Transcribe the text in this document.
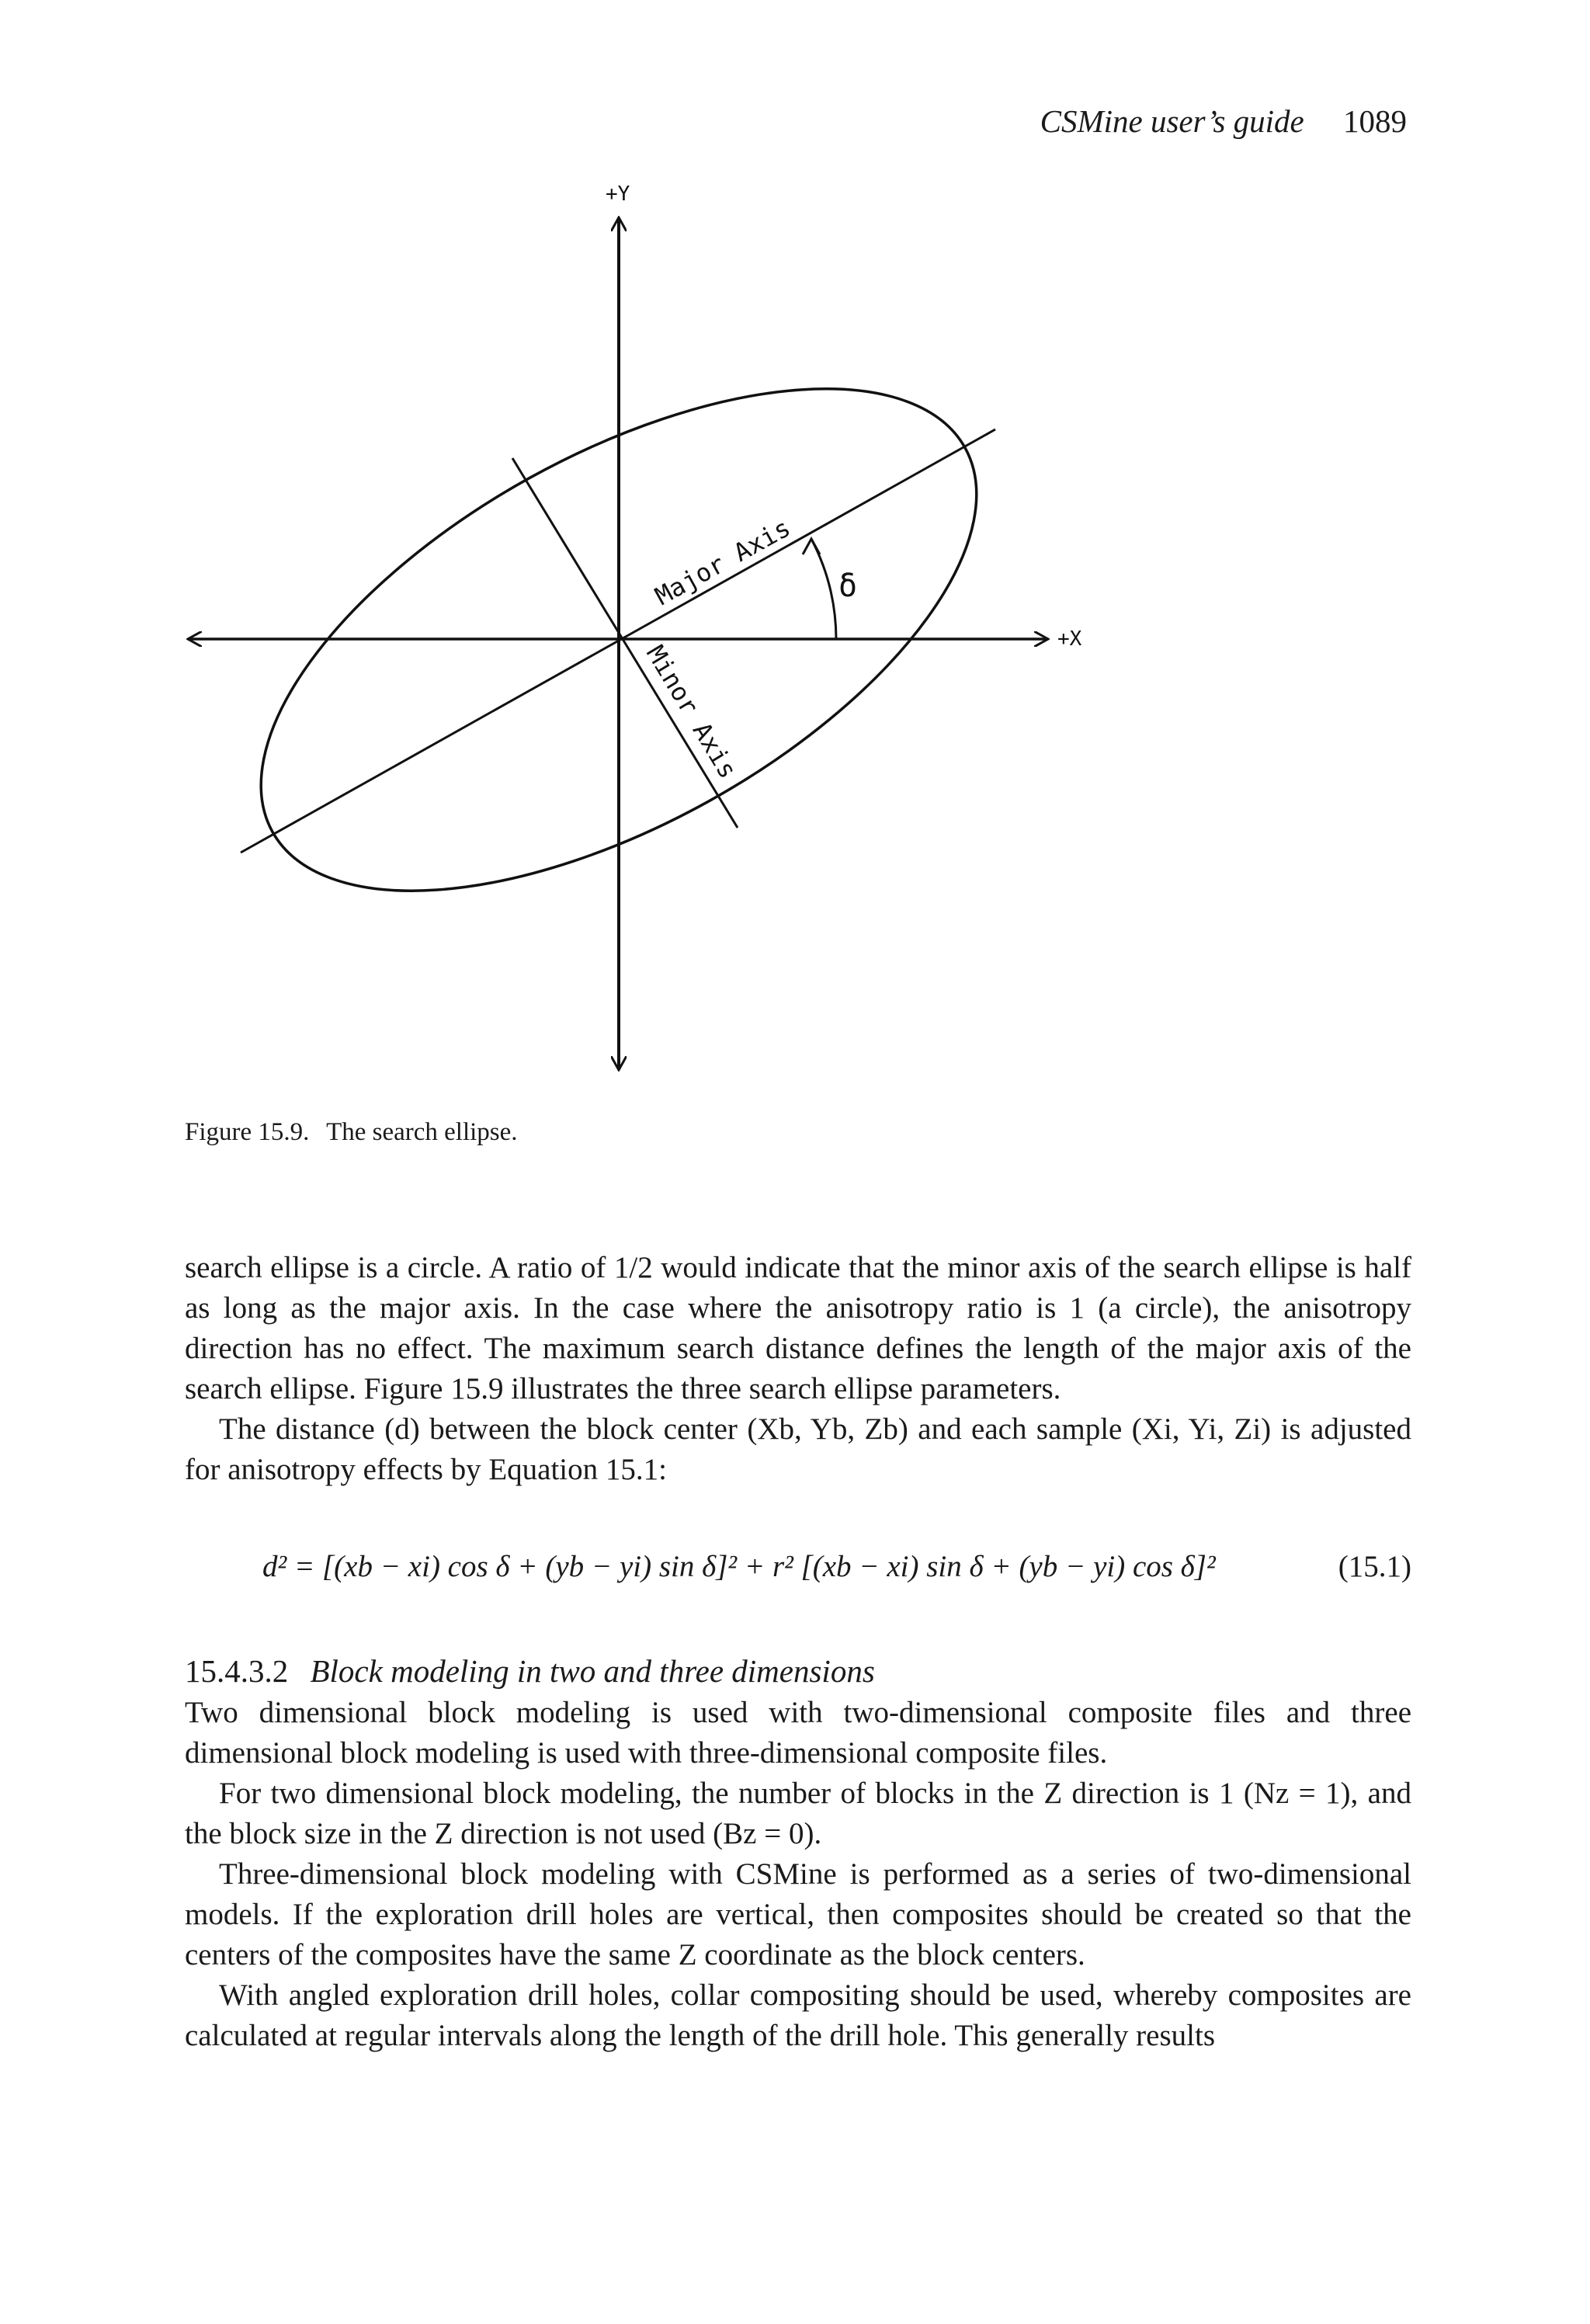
CSMine user’s guide 1089
+Y
+X
Major Axis
Minor Axis
δ
Figure 15.9. The search ellipse.

search ellipse is a circle. A ratio of 1/2 would indicate that the minor axis of the search ellipse is half as long as the major axis. In the case where the anisotropy ratio is 1 (a circle), the anisotropy direction has no effect. The maximum search distance defines the length of the major axis of the search ellipse. Figure 15.9 illustrates the three search ellipse parameters.

The distance (d) between the block center (Xb, Yb, Zb) and each sample (Xi, Yi, Zi) is adjusted for anisotropy effects by Equation 15.1:

d² = [(xb − xi) cos δ + (yb − yi) sin δ]² + r² [(xb − xi) sin δ + (yb − yi) cos δ]²	(15.1)
15.4.3.2 Block modeling in two and three dimensions

Two dimensional block modeling is used with two-dimensional composite files and three dimensional block modeling is used with three-dimensional composite files.

For two dimensional block modeling, the number of blocks in the Z direction is 1 (Nz = 1), and the block size in the Z direction is not used (Bz = 0).

Three-dimensional block modeling with CSMine is performed as a series of two-dimensional models. If the exploration drill holes are vertical, then composites should be created so that the centers of the composites have the same Z coordinate as the block centers.

With angled exploration drill holes, collar compositing should be used, whereby composites are calculated at regular intervals along the length of the drill hole. This generally results
